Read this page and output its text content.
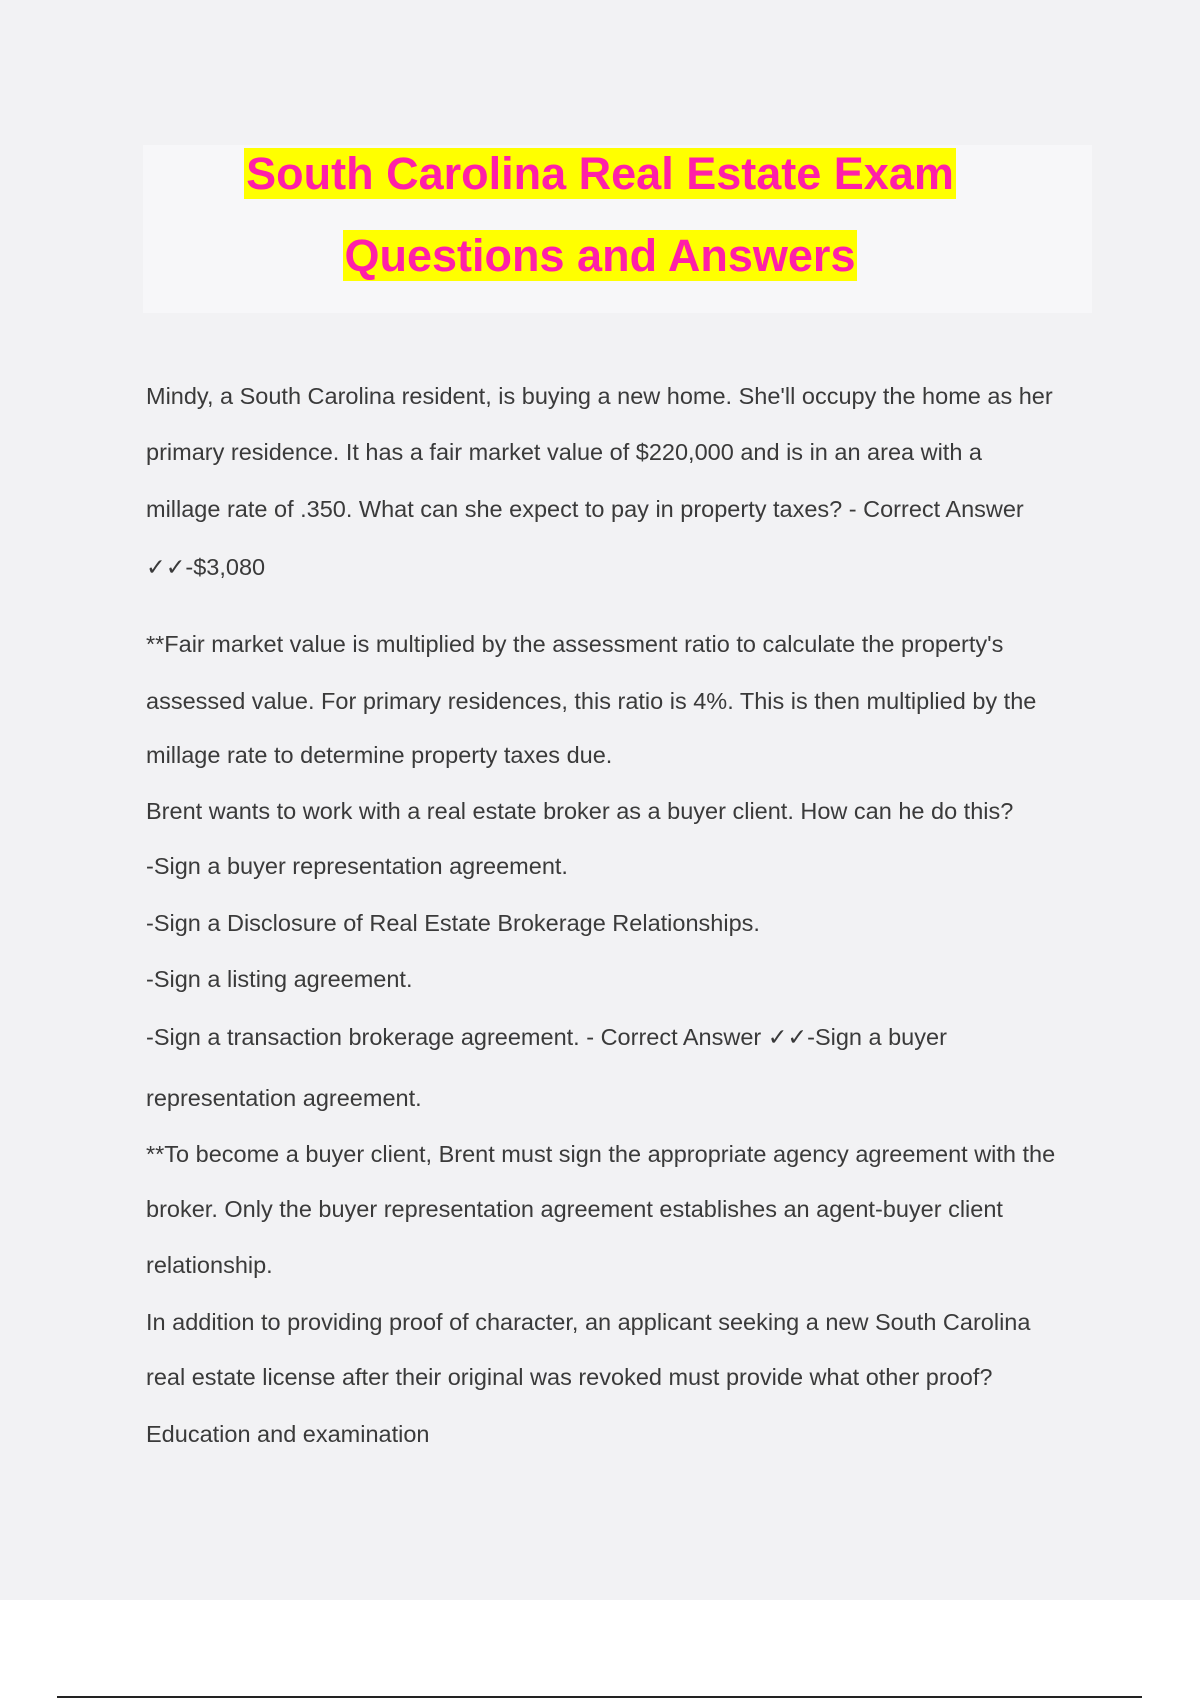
South Carolina Real Estate Exam
Questions and Answers
Mindy, a South Carolina resident, is buying a new home. She'll occupy the home as her
primary residence. It has a fair market value of $220,000 and is in an area with a
millage rate of .350. What can she expect to pay in property taxes? - Correct Answer
✓✓-$3,080
**Fair market value is multiplied by the assessment ratio to calculate the property's
assessed value. For primary residences, this ratio is 4%. This is then multiplied by the
millage rate to determine property taxes due.
Brent wants to work with a real estate broker as a buyer client. How can he do this?
-Sign a buyer representation agreement.
-Sign a Disclosure of Real Estate Brokerage Relationships.
-Sign a listing agreement.
-Sign a transaction brokerage agreement. - Correct Answer ✓✓-Sign a buyer
representation agreement.
**To become a buyer client, Brent must sign the appropriate agency agreement with the
broker. Only the buyer representation agreement establishes an agent-buyer client
relationship.
In addition to providing proof of character, an applicant seeking a new South Carolina
real estate license after their original was revoked must provide what other proof?
Education and examination
